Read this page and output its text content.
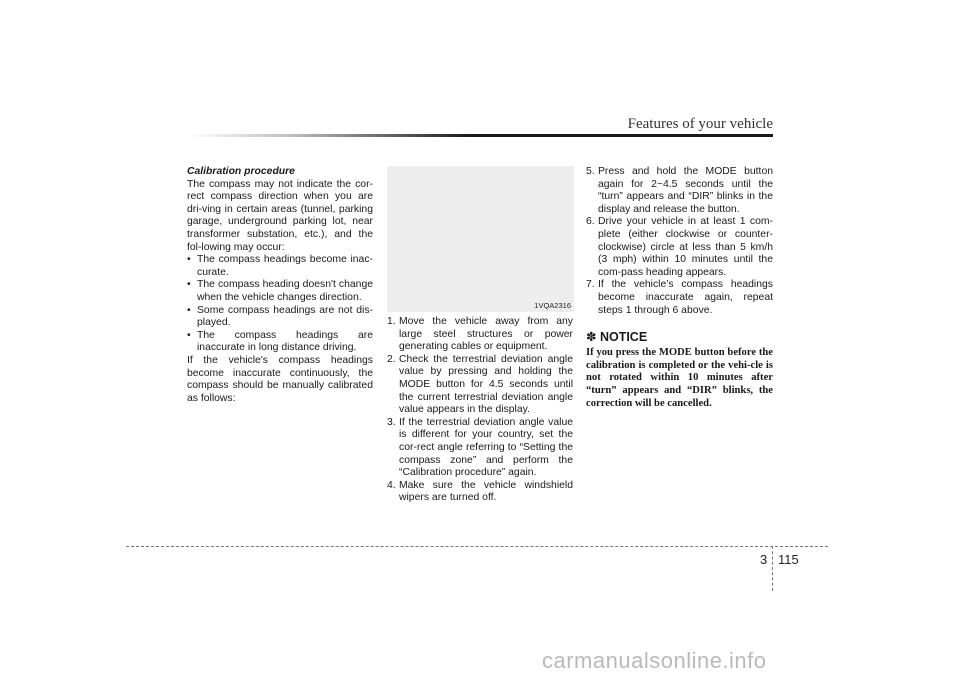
Features of your vehicle

Calibration procedure

The compass may not indicate the cor-rect compass direction when you are dri-ving in certain areas (tunnel, parking garage, underground parking lot, near transformer substation, etc.), and the fol-lowing may occur:

• The compass headings become inac-curate.
• The compass heading doesn't change when the vehicle changes direction.
• Some compass headings are not dis-played.
• The compass headings are inaccurate in long distance driving.

If the vehicle's compass headings become inaccurate continuously, the compass should be manually calibrated as follows:

1VQA2316
1. Move the vehicle away from any large steel structures or power generating cables or equipment.
2. Check the terrestrial deviation angle value by pressing and holding the MODE button for 4.5 seconds until the current terrestrial deviation angle value appears in the display.
3. If the terrestrial deviation angle value is different for your country, set the cor-rect angle referring to “Setting the compass zone” and perform the “Calibration procedure” again.
4. Make sure the vehicle windshield wipers are turned off.
5. Press and hold the MODE button again for 2~4.5 seconds until the “turn” appears and “DIR” blinks in the display and release the button.
6. Drive your vehicle in at least 1 com-plete (either clockwise or counter-clockwise) circle at less than 5 km/h (3 mph) within 10 minutes until the com-pass heading appears.
7. If the vehicle’s compass headings become inaccurate again, repeat steps 1 through 6 above.
✽ NOTICE
If you press the MODE button before the calibration is completed or the vehi-cle is not rotated within 10 minutes after “turn” appears and “DIR” blinks, the correction will be cancelled.
3 115
carmanualsonline.info
